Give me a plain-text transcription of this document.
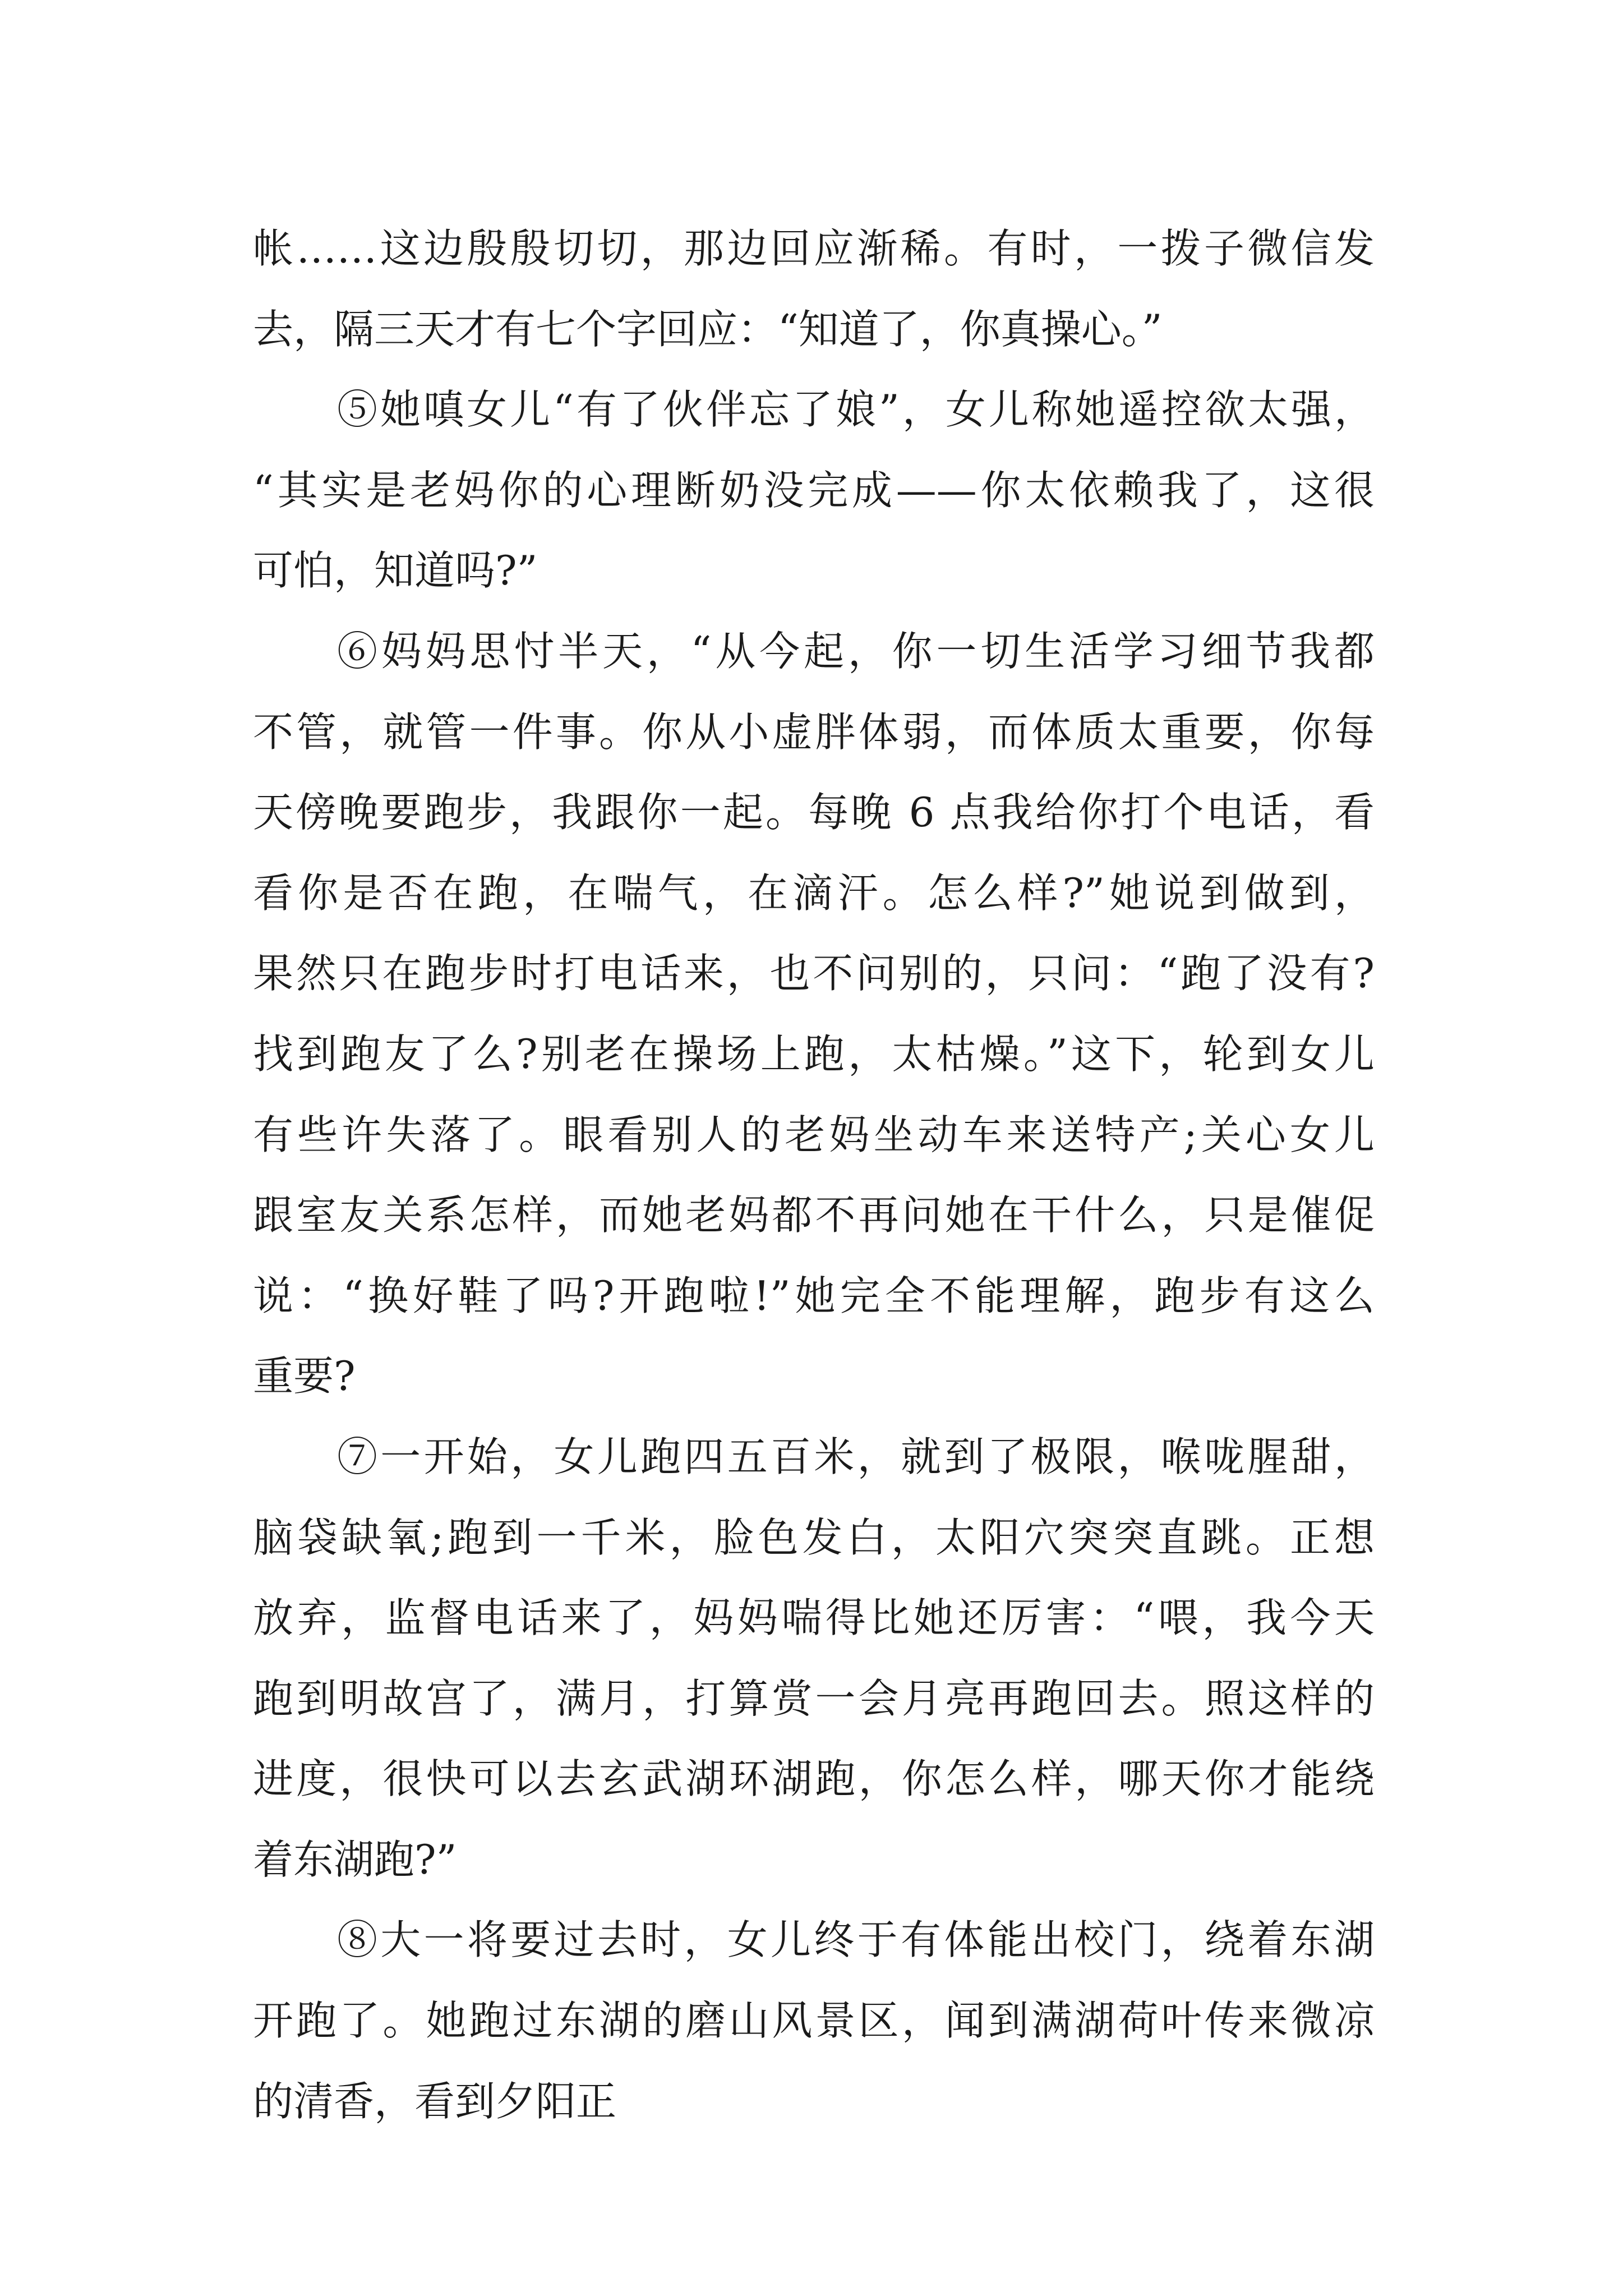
帐……这边殷殷切切，那边回应渐稀。有时，一拨子微信发
去，隔三天才有七个字回应：“知道了，你真操心。”
⑤她嗔女儿“有了伙伴忘了娘”，女儿称她遥控欲太强，
“其实是老妈你的心理断奶没完成——你太依赖我了，这很
可怕，知道吗?”
⑥妈妈思忖半天，“从今起，你一切生活学习细节我都
不管，就管一件事。你从小虚胖体弱，而体质太重要，你每
天傍晚要跑步，我跟你一起。每晚 6 点我给你打个电话，看
看你是否在跑，在喘气，在滴汗。怎么样?”她说到做到，
果然只在跑步时打电话来，也不问别的，只问：“跑了没有?
找到跑友了么?别老在操场上跑，太枯燥。”这下，轮到女儿
有些许失落了。眼看别人的老妈坐动车来送特产;关心女儿
跟室友关系怎样，而她老妈都不再问她在干什么，只是催促
说：“换好鞋了吗?开跑啦!”她完全不能理解，跑步有这么
重要?
⑦一开始，女儿跑四五百米，就到了极限，喉咙腥甜，
脑袋缺氧;跑到一千米，脸色发白，太阳穴突突直跳。正想
放弃，监督电话来了，妈妈喘得比她还厉害：“喂，我今天
跑到明故宫了，满月，打算赏一会月亮再跑回去。照这样的
进度，很快可以去玄武湖环湖跑，你怎么样，哪天你才能绕
着东湖跑?”
⑧大一将要过去时，女儿终于有体能出校门，绕着东湖
开跑了。她跑过东湖的磨山风景区，闻到满湖荷叶传来微凉
的清香，看到夕阳正
